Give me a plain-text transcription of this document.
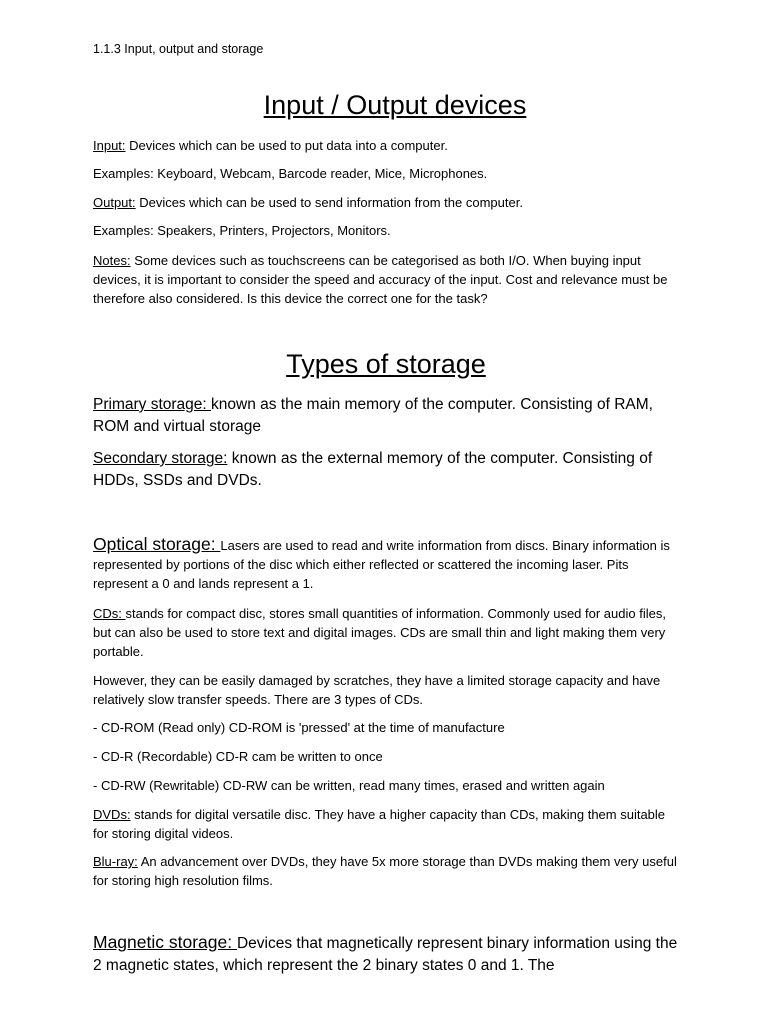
1.1.3 Input, output and storage
Input / Output devices
Input: Devices which can be used to put data into a computer.
Examples: Keyboard, Webcam, Barcode reader, Mice, Microphones.
Output: Devices which can be used to send information from the computer.
Examples: Speakers, Printers, Projectors, Monitors.
Notes: Some devices such as touchscreens can be categorised as both I/O. When buying input devices, it is important to consider the speed and accuracy of the input. Cost and relevance must be therefore also considered. Is this device the correct one for the task?
Types of storage
Primary storage: known as the main memory of the computer. Consisting of RAM, ROM and virtual storage
Secondary storage: known as the external memory of the computer. Consisting of HDDs, SSDs and DVDs.
Optical storage: Lasers are used to read and write information from discs. Binary information is represented by portions of the disc which either reflected or scattered the incoming laser. Pits represent a 0 and lands represent a 1.
CDs: stands for compact disc, stores small quantities of information. Commonly used for audio files, but can also be used to store text and digital images. CDs are small thin and light making them very portable.
However, they can be easily damaged by scratches, they have a limited storage capacity and have relatively slow transfer speeds. There are 3 types of CDs.
- CD-ROM (Read only) CD-ROM is 'pressed' at the time of manufacture
- CD-R (Recordable) CD-R cam be written to once
- CD-RW (Rewritable) CD-RW can be written, read many times, erased and written again
DVDs: stands for digital versatile disc. They have a higher capacity than CDs, making them suitable for storing digital videos.
Blu-ray: An advancement over DVDs, they have 5x more storage than DVDs making them very useful for storing high resolution films.
Magnetic storage: Devices that magnetically represent binary information using the 2 magnetic states, which represent the 2 binary states 0 and 1. The
